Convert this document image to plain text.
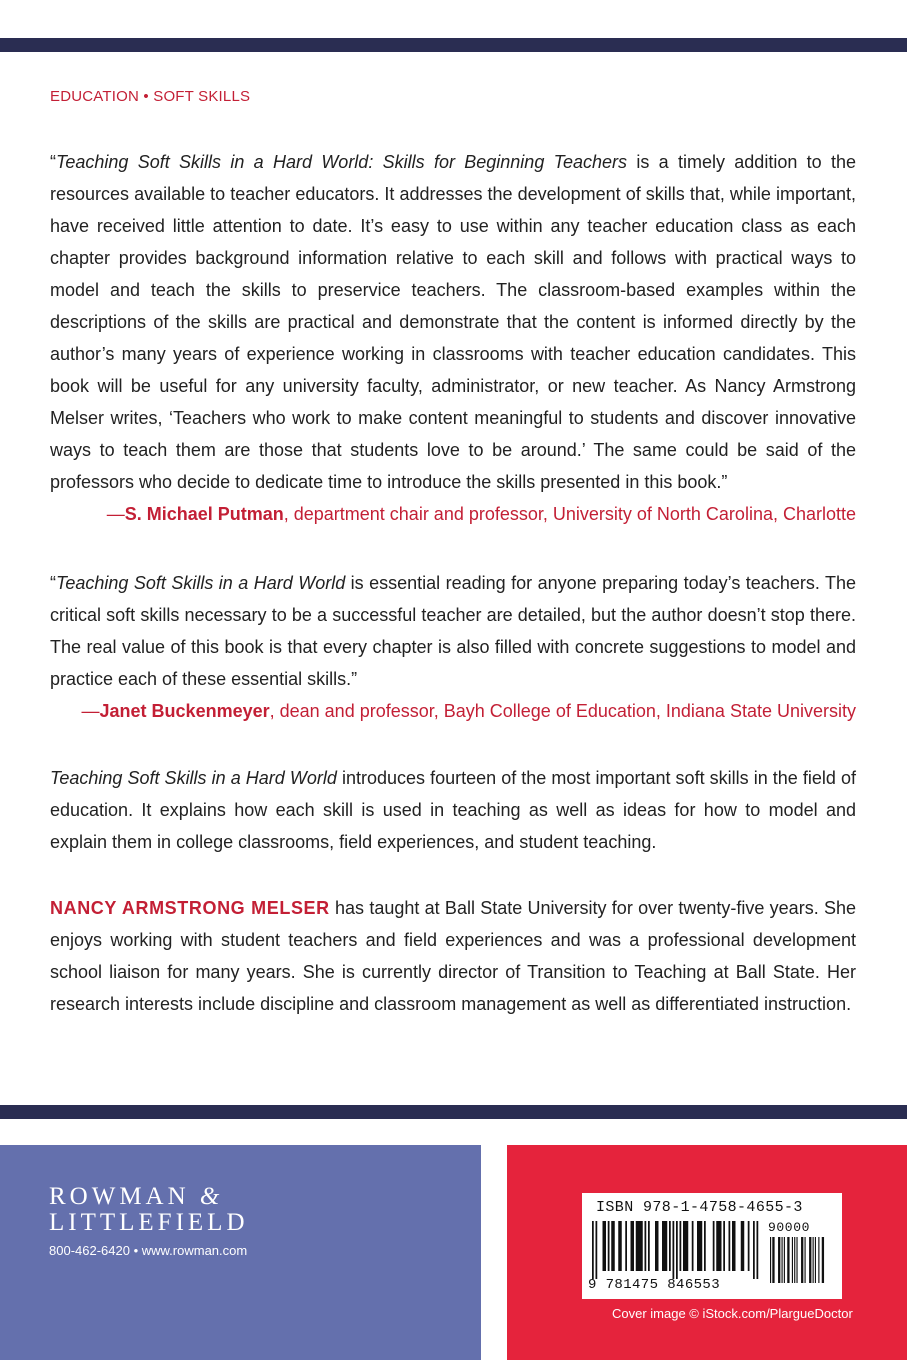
EDUCATION • SOFT SKILLS

“Teaching Soft Skills in a Hard World: Skills for Beginning Teachers is a timely addition to the resources available to teacher educators. It addresses the development of skills that, while important, have received little attention to date. It’s easy to use within any teacher education class as each chapter provides background information relative to each skill and follows with practical ways to model and teach the skills to preservice teachers. The classroom-based examples within the descriptions of the skills are practical and demonstrate that the content is informed directly by the author’s many years of experience working in classrooms with teacher education candidates. This book will be useful for any university faculty, administrator, or new teacher. As Nancy Armstrong Melser writes, ‘Teachers who work to make content meaningful to students and discover innovative ways to teach them are those that students love to be around.’ The same could be said of the professors who decide to dedicate time to introduce the skills presented in this book.”

—S. Michael Putman, department chair and professor, University of North Carolina, Charlotte

“Teaching Soft Skills in a Hard World is essential reading for anyone preparing today’s teachers. The critical soft skills necessary to be a successful teacher are detailed, but the author doesn’t stop there. The real value of this book is that every chapter is also filled with concrete suggestions to model and practice each of these essential skills.”

—Janet Buckenmeyer, dean and professor, Bayh College of Education, Indiana State University

Teaching Soft Skills in a Hard World introduces fourteen of the most important soft skills in the field of education. It explains how each skill is used in teaching as well as ideas for how to model and explain them in college classrooms, field experiences, and student teaching.

NANCY ARMSTRONG MELSER has taught at Ball State University for over twenty-five years. She enjoys working with student teachers and field experiences and was a professional development school liaison for many years. She is currently director of Transition to Teaching at Ball State. Her research interests include discipline and classroom management as well as differentiated instruction.

ROWMAN &
LITTLEFIELD
800-462-6420 • www.rowman.com
ISBN 978-1-4758-4655-3
90000
9 781475 846553
Cover image © iStock.com/PlargueDoctor
